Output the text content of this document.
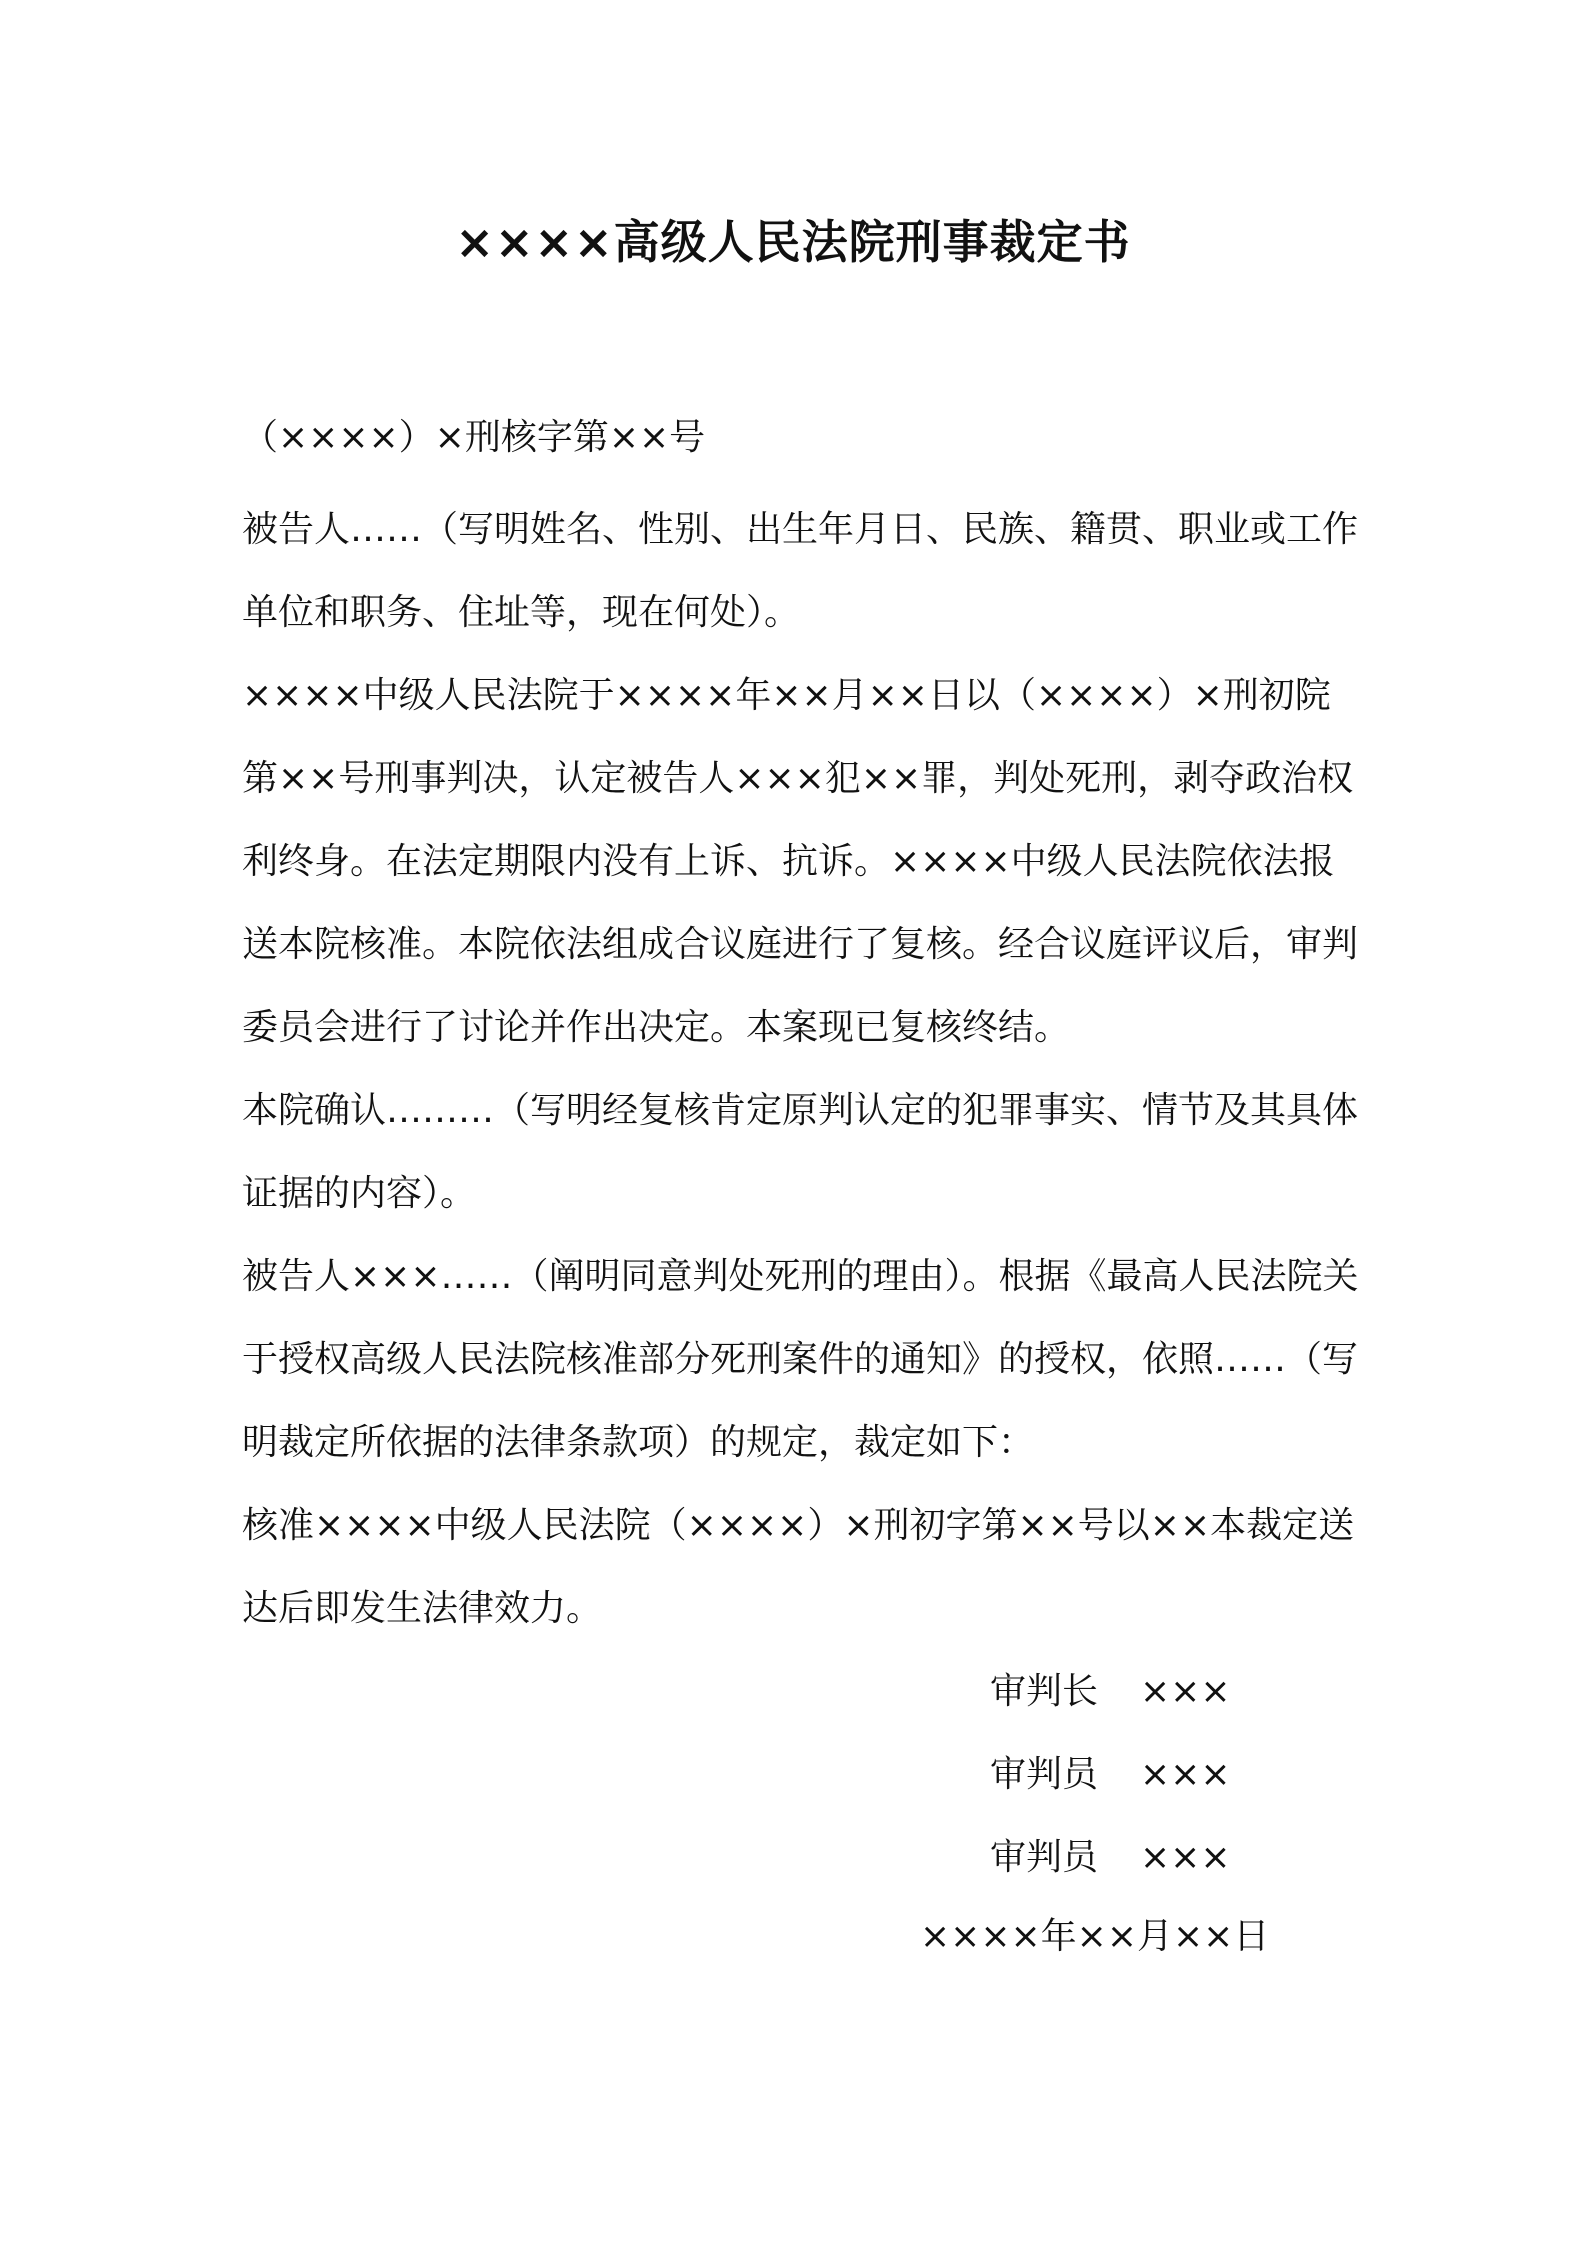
××××高级人民法院刑事裁定书
（××××）×刑核字第××号

被告人……（写明姓名、性别、出生年月日、民族、籍贯、职业或工作单位和职务、住址等，现在何处）。

××××中级人民法院于××××年××月××日以（××××）×刑初院第××号刑事判决，认定被告人×××犯××罪，判处死刑，剥夺政治权利终身。在法定期限内没有上诉、抗诉。××××中级人民法院依法报送本院核准。本院依法组成合议庭进行了复核。经合议庭评议后，审判委员会进行了讨论并作出决定。本案现已复核终结。

本院确认………（写明经复核肯定原判认定的犯罪事实、情节及其具体证据的内容）。

被告人×××……（阐明同意判处死刑的理由）。根据《最高人民法院关于授权高级人民法院核准部分死刑案件的通知》的授权，依照……（写明裁定所依据的法律条款项）的规定，裁定如下：

核准××××中级人民法院（××××）×刑初字第××号以××本裁定送达后即发生法律效力。

审判长	×××
审判员	×××
审判员	×××
××××年××月××日
